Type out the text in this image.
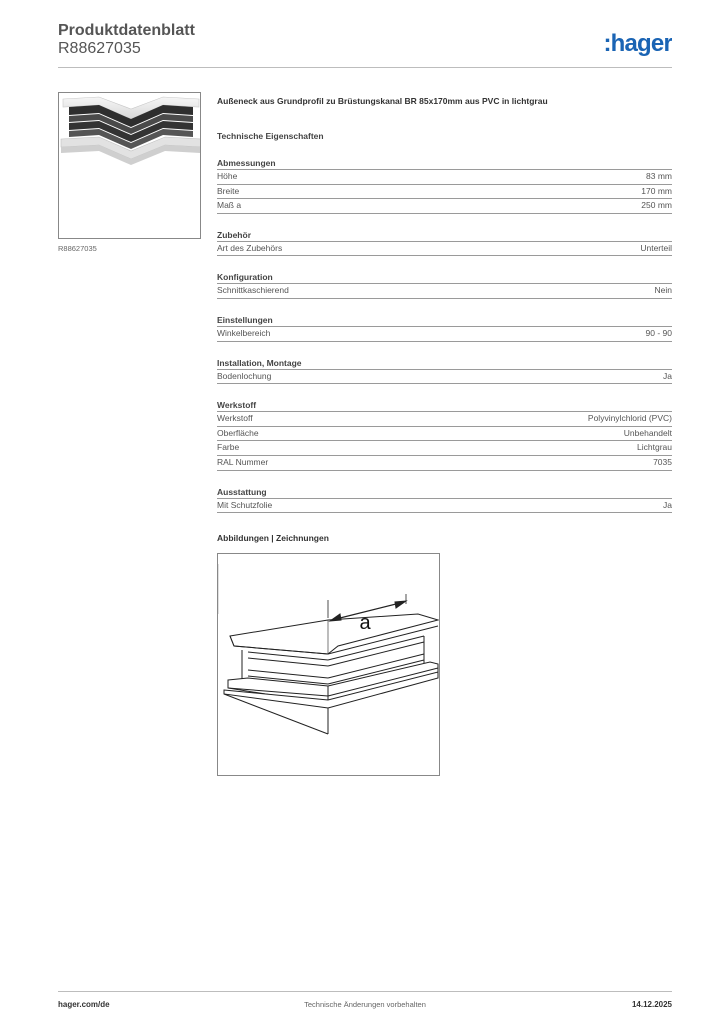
Produktdatenblatt
R88627035	:hager
R88627035
Außeneck aus Grundprofil zu Brüstungskanal BR 85x170mm aus PVC in lichtgrau
Technische Eigenschaften
Abmessungen
Höhe	83 mm
Breite	170 mm
Maß a	250 mm
Zubehör
Art des Zubehörs	Unterteil
Konfiguration
Schnittkaschierend	Nein
Einstellungen
Winkelbereich	90 - 90
Installation, Montage
Bodenlochung	Ja
Werkstoff
Werkstoff	Polyvinylchlorid (PVC)
Oberfläche	Unbehandelt
Farbe	Lichtgrau
RAL Nummer	7035
Ausstattung
Mit Schutzfolie	Ja
Abbildungen | Zeichnungen
a
hager.com/de	Technische Änderungen vorbehalten	14.12.2025
